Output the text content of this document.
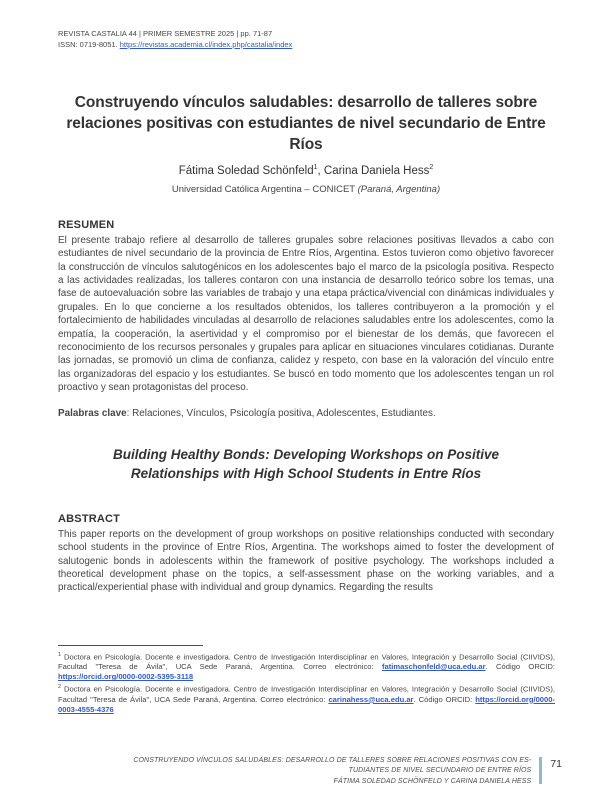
REVISTA CASTALIA 44 | PRIMER SEMESTRE 2025 | pp. 71-87
ISSN: 0719-8051. https://revistas.academia.cl/index.php/castalia/index
Construyendo vínculos saludables: desarrollo de talleres sobre relaciones positivas con estudiantes de nivel secundario de Entre Ríos
Fátima Soledad Schönfeld$^1$, Carina Daniela Hess$^2$
Universidad Católica Argentina – CONICET (Paraná, Argentina)
RESUMEN

El presente trabajo refiere al desarrollo de talleres grupales sobre relaciones positivas llevados a cabo con estudiantes de nivel secundario de la provincia de Entre Ríos, Argentina. Estos tuvieron como objetivo favorecer la construcción de vínculos salutogénicos en los adolescentes bajo el marco de la psicología positiva. Respecto a las actividades realizadas, los talleres contaron con una instancia de desarrollo teórico sobre los temas, una fase de autoevaluación sobre las variables de trabajo y una etapa práctica/vivencial con dinámicas individuales y grupales. En lo que concierne a los resultados obtenidos, los talleres contribuyeron a la promoción y el fortalecimiento de habilidades vinculadas al desarrollo de relaciones saludables entre los adolescentes, como la empatía, la cooperación, la asertividad y el compromiso por el bienestar de los demás, que favorecen el reconocimiento de los recursos personales y grupales para aplicar en situaciones vinculares cotidianas. Durante las jornadas, se promovió un clima de confianza, calidez y respeto, con base en la valoración del vínculo entre las organizadoras del espacio y los estudiantes. Se buscó en todo momento que los adolescentes tengan un rol proactivo y sean protagonistas del proceso.

Palabras clave: Relaciones, Vínculos, Psicología positiva, Adolescentes, Estudiantes.

Building Healthy Bonds: Developing Workshops on Positive Relationships with High School Students in Entre Ríos
ABSTRACT

This paper reports on the development of group workshops on positive relationships conducted with secondary school students in the province of Entre Ríos, Argentina. The workshops aimed to foster the development of salutogenic bonds in adolescents within the framework of positive psychology. The workshops included a theoretical development phase on the topics, a self-assessment phase on the working variables, and a practical/experiential phase with individual and group dynamics. Regarding the results

$^1$ Doctora en Psicología. Docente e investigadora. Centro de Investigación Interdisciplinar en Valores, Integración y Desarrollo Social (CIIVIDS), Facultad "Teresa de Ávila", UCA Sede Paraná, Argentina. Correo electrónico: fatimaschonfeld@uca.edu.ar. Código ORCID: https://orcid.org/0000-0002-5395-3118

$^2$ Doctora en Psicología. Docente e investigadora. Centro de Investigación Interdisciplinar en Valores, Integración y Desarrollo Social (CIIVIDS), Facultad "Teresa de Ávila", UCA Sede Paraná, Argentina. Correo electrónico: carinahess@uca.edu.ar. Código ORCID: https://orcid.org/0000-0003-4555-4376

CONSTRUYENDO VÍNCULOS SALUDABLES: DESARROLLO DE TALLERES SOBRE RELACIONES POSITIVAS CON ES-
TUDIANTES DE NIVEL SECUNDARIO DE ENTRE RÍOS
FÁTIMA SOLEDAD SCHÖNFELD Y CARINA DANIELA HESS
71
